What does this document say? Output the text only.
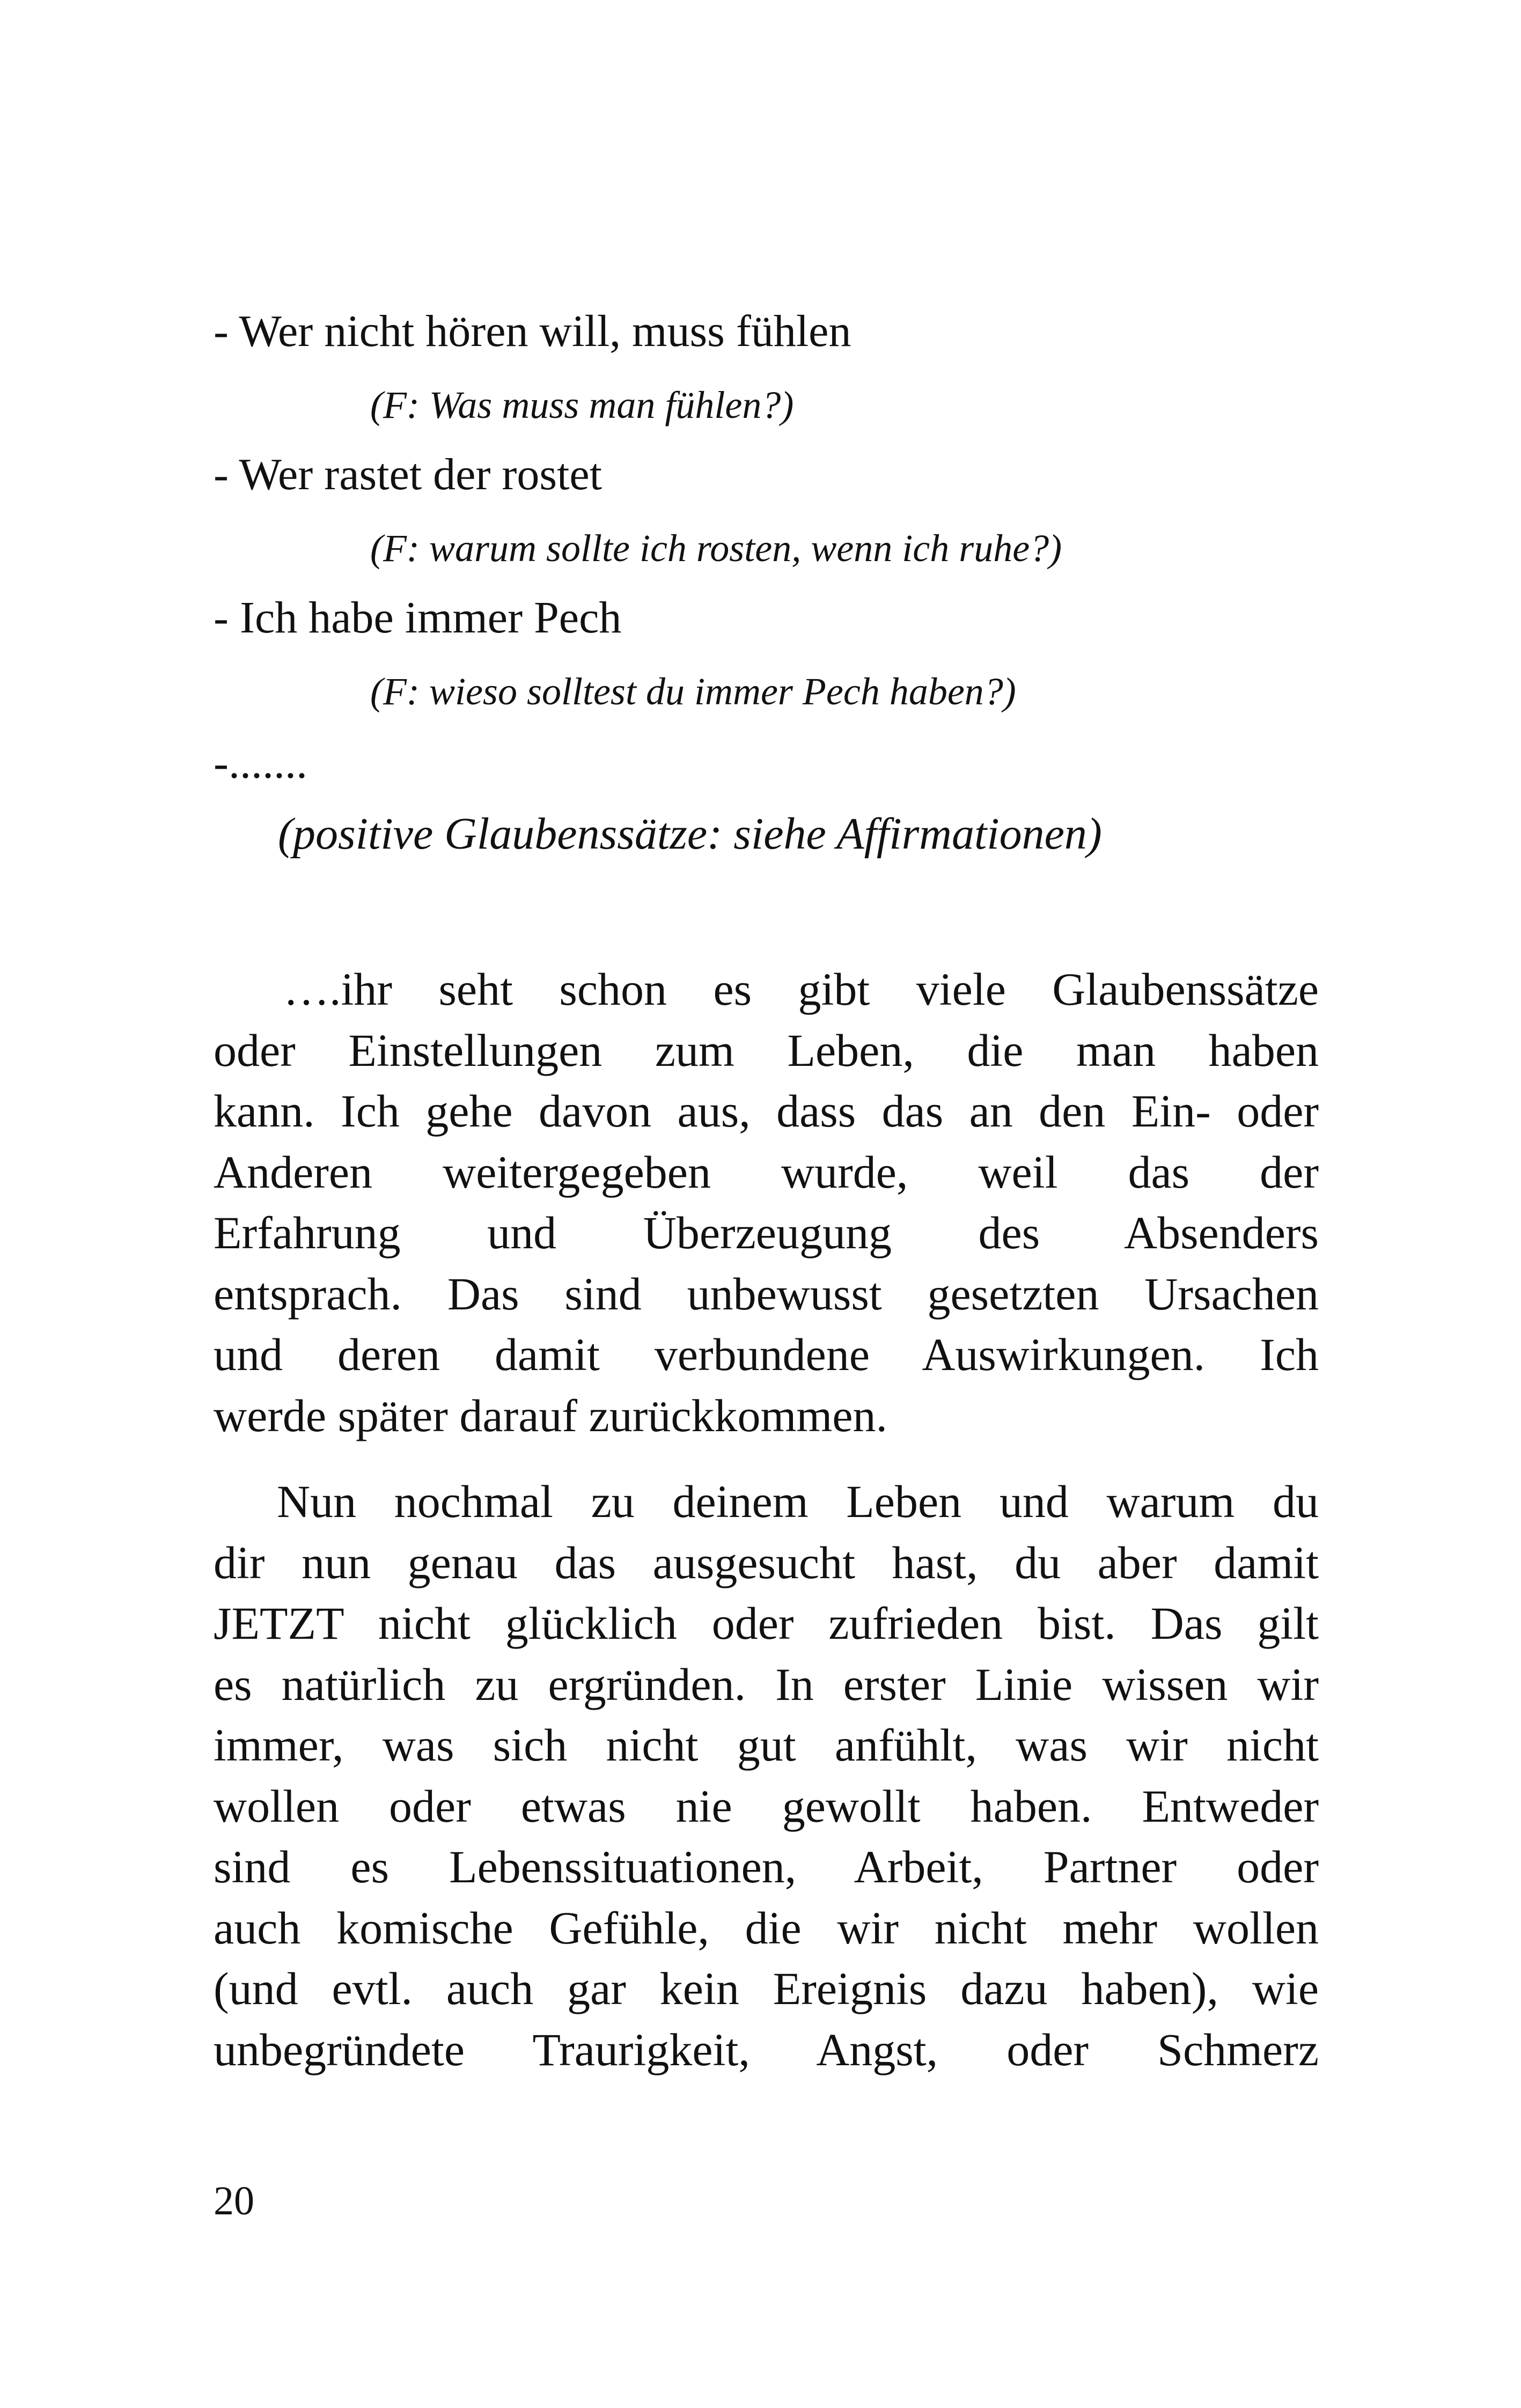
- Wer nicht hören will, muss fühlen
(F: Was muss man fühlen?)
- Wer rastet der rostet
(F: warum sollte ich rosten, wenn ich ruhe?)
- Ich habe immer Pech
(F: wieso solltest du immer Pech haben?)
-.......
(positive Glaubenssätze: siehe Affirmationen)
….ihr seht schon es gibt viele Glaubenssätze
oder Einstellungen zum Leben, die man haben
kann. Ich gehe davon aus, dass das an den Ein- oder
Anderen weitergegeben wurde, weil das der
Erfahrung und Überzeugung des Absenders
entsprach. Das sind unbewusst gesetzten Ursachen
und deren damit verbundene Auswirkungen. Ich
werde später darauf zurückkommen.
Nun nochmal zu deinem Leben und warum du
dir nun genau das ausgesucht hast, du aber damit
JETZT nicht glücklich oder zufrieden bist. Das gilt
es natürlich zu ergründen. In erster Linie wissen wir
immer, was sich nicht gut anfühlt, was wir nicht
wollen oder etwas nie gewollt haben. Entweder
sind es Lebenssituationen, Arbeit, Partner oder
auch komische Gefühle, die wir nicht mehr wollen
(und evtl. auch gar kein Ereignis dazu haben), wie
unbegründete Traurigkeit, Angst, oder Schmerz
20
